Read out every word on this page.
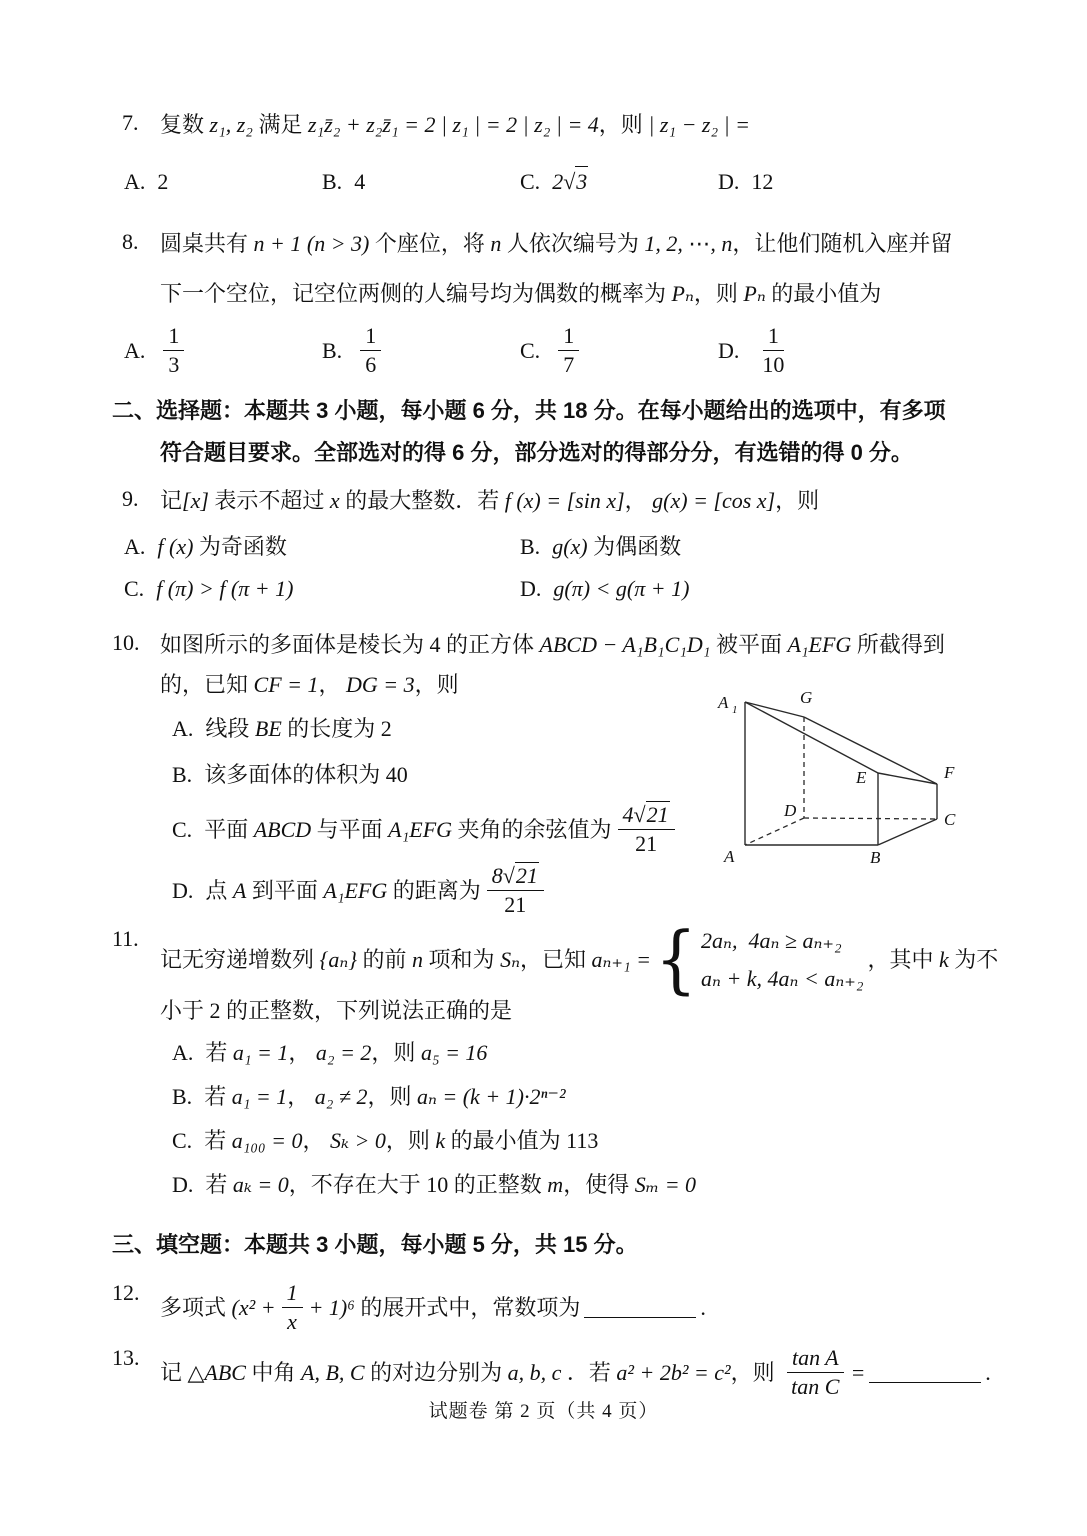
7. 复数 z₁, z₂ 满足 z₁z̄₂ + z₂z̄₁ = 2 | z₁ | = 2 | z₂ | = 4，则 | z₁ − z₂ | =
A. 2	B. 4	C. 2√ 3	D. 12
8. 圆桌共有 n + 1 (n > 3) 个座位，将 n 人依次编号为 1, 2, ⋯, n，让他们随机入座并留
下一个空位，记空位两侧的人编号均为偶数的概率为 Pₙ，则 Pₙ 的最小值为
A. $\frac{1}{3}$	B. $\frac{1}{6}$	C. $\frac{1}{7}$	D. $\frac{1}{10}$
二、选择题：本题共 3 小题，每小题 6 分，共 18 分。在每小题给出的选项中，有多项
符合题目要求。全部选对的得 6 分，部分选对的得部分分，有选错的得 0 分。
9. 记[x] 表示不超过 x 的最大整数．若 f (x) = [sin x]， g(x) = [cos x]，则
A. f (x) 为奇函数	B. g(x) 为偶函数
C. f (π) > f (π + 1)	D. g(π) < g(π + 1)
10. 如图所示的多面体是棱长为 4 的正方体 ABCD − A₁B₁C₁D₁ 被平面 A₁EFG 所截得到
的，已知 CF = 1， DG = 3，则
A. 线段 BE 的长度为 2
B. 该多面体的体积为 40
C. 平面 ABCD 与平面 A₁EFG 夹角的余弦值为 $\frac{4√21}{21}$
D. 点 A 到平面 A₁EFG 的距离为 $\frac{8√21}{21}$
11.
记无穷递增数列 {aₙ} 的前 n 项和为 Sₙ ，已知 aₙ₊₁ = { 2aₙ,  4aₙ ≥ aₙ₊₂
aₙ + k, 4aₙ < aₙ₊₂
，其中 k 为不
小于 2 的正整数，下列说法正确的是
A. 若 a₁ = 1 ， a₂ = 2 ，则 a₅ = 16
B. 若 a₁ = 1 ， a₂ ≠ 2 ，则 aₙ = (k + 1)·2ⁿ⁻²
C. 若 a₁₀₀ = 0 ， Sₖ > 0 ，则 k 的最小值为 113
D. 若 aₖ = 0 ，不存在大于 10 的正整数 m ，使得 Sₘ = 0
三、填空题：本题共 3 小题，每小题 5 分，共 15 分。
12.
多项式 $(x^2 + \frac{1}{x} + 1)^6$ 的展开式中，常数项为	.
13.
记 △ABC 中角 A, B, C 的对边分别为 a, b, c ．若 a² + 2b² = c² ，则 $\frac{\text{tan A}}{\text{tan C}}$ =	.
A 1
G
E	F
D	C
A	B
试题卷 第 2 页（共 4 页）
